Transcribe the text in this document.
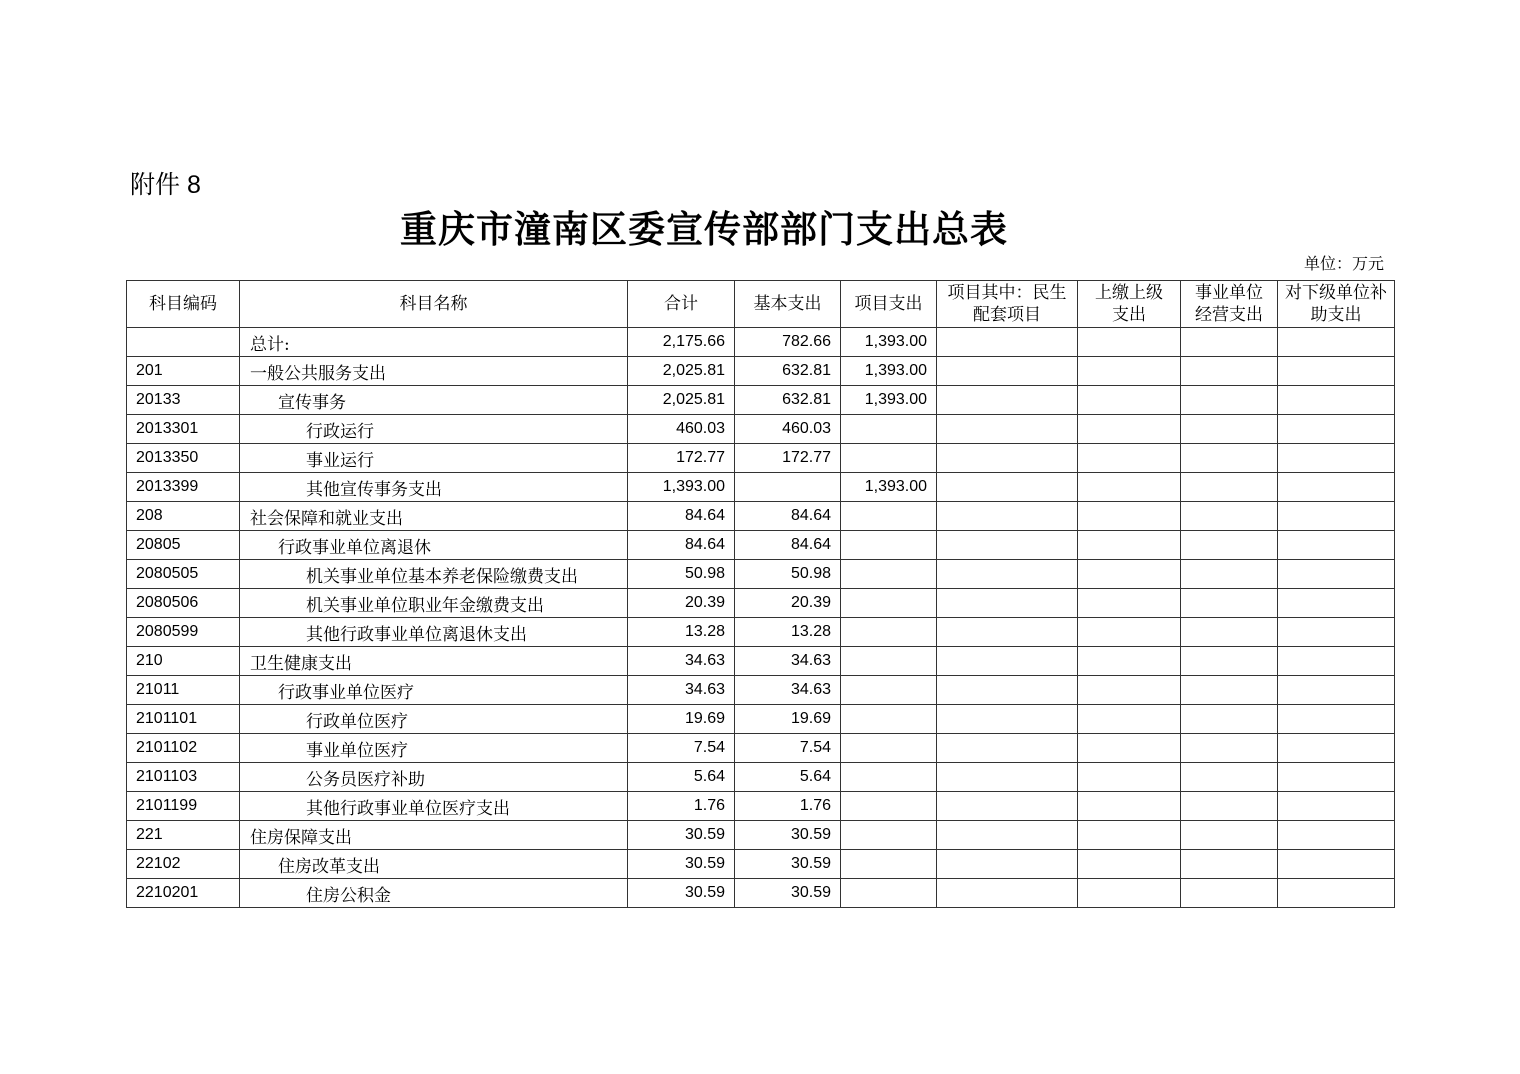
附件 8
重庆市潼南区委宣传部部门支出总表
单位：万元
科目编码	科目名称	合计	基本支出	项目支出	项目其中：民生配套项目	上缴上级支出	事业单位经营支出	对下级单位补助支出
	总计:	2,175.66	782.66	1,393.00				
201	一般公共服务支出	2,025.81	632.81	1,393.00				
20133	宣传事务	2,025.81	632.81	1,393.00				
2013301	行政运行	460.03	460.03					
2013350	事业运行	172.77	172.77					
2013399	其他宣传事务支出	1,393.00		1,393.00				
208	社会保障和就业支出	84.64	84.64					
20805	行政事业单位离退休	84.64	84.64					
2080505	机关事业单位基本养老保险缴费支出	50.98	50.98					
2080506	机关事业单位职业年金缴费支出	20.39	20.39					
2080599	其他行政事业单位离退休支出	13.28	13.28					
210	卫生健康支出	34.63	34.63					
21011	行政事业单位医疗	34.63	34.63					
2101101	行政单位医疗	19.69	19.69					
2101102	事业单位医疗	7.54	7.54					
2101103	公务员医疗补助	5.64	5.64					
2101199	其他行政事业单位医疗支出	1.76	1.76					
221	住房保障支出	30.59	30.59					
22102	住房改革支出	30.59	30.59					
2210201	住房公积金	30.59	30.59					
